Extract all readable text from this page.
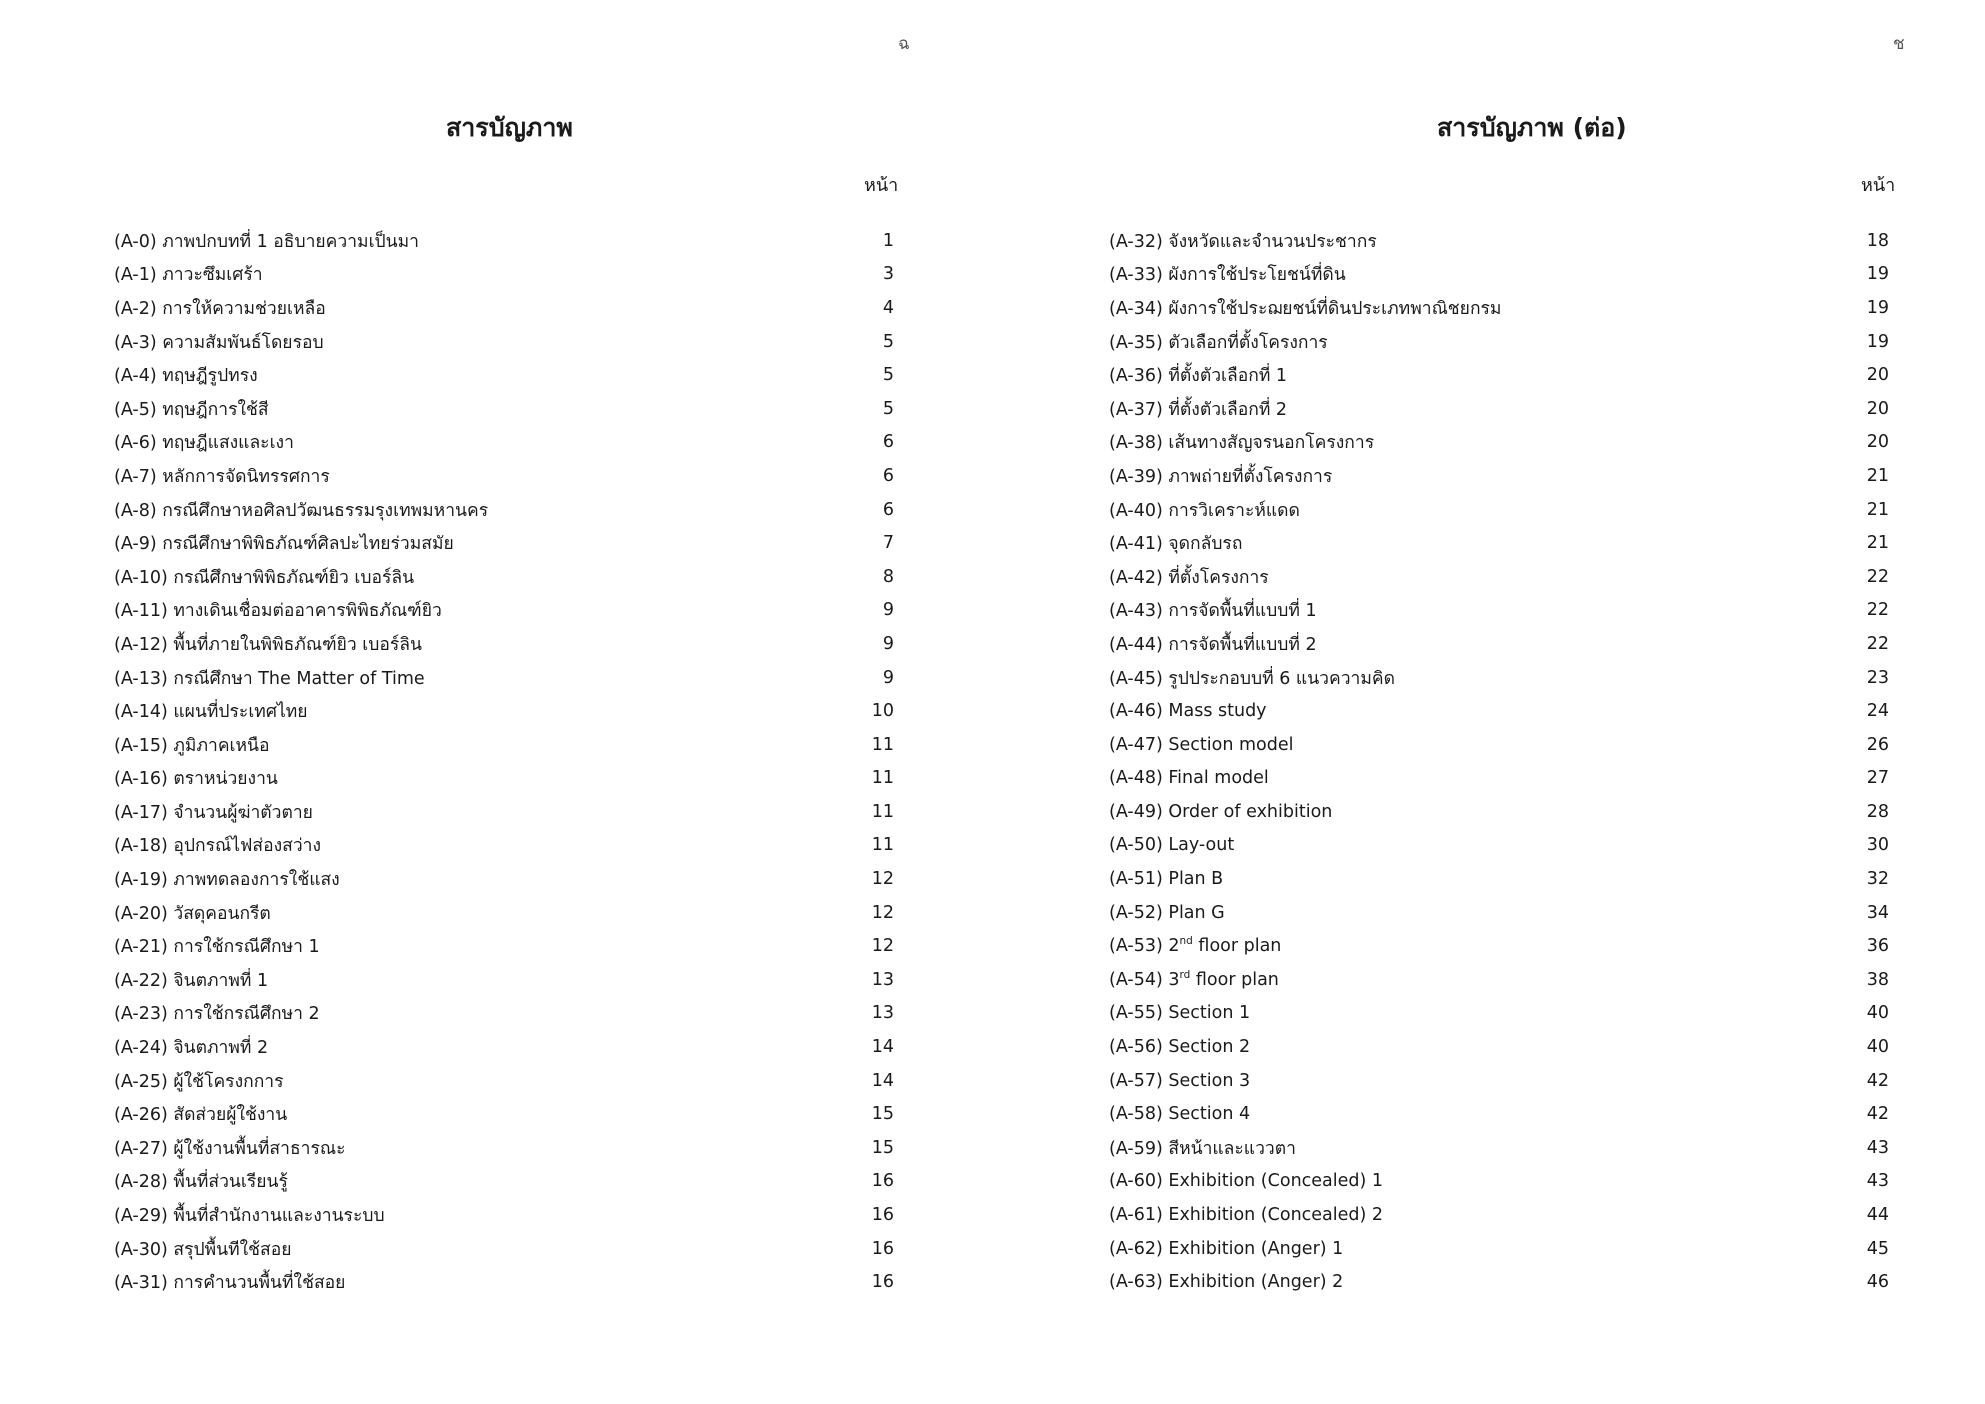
ฉ
สารบัญภาพ
หน้า
(A-0) ภาพปกบทที่ 1 อธิบายความเป็นมา	1
(A-1) ภาวะซึมเศร้า	3
(A-2) การให้ความช่วยเหลือ	4
(A-3) ความสัมพันธ์โดยรอบ	5
(A-4) ทฤษฎีรูปทรง	5
(A-5) ทฤษฎีการใช้สี	5
(A-6) ทฤษฎีแสงและเงา	6
(A-7) หลักการจัดนิทรรศการ	6
(A-8) กรณีศึกษาหอศิลปวัฒนธรรมรุงเทพมหานคร	6
(A-9) กรณีศึกษาพิพิธภัณฑ์ศิลปะไทยร่วมสมัย	7
(A-10) กรณีศึกษาพิพิธภัณฑ์ยิว เบอร์ลิน	8
(A-11) ทางเดินเชื่อมต่ออาคารพิพิธภัณฑ์ยิว	9
(A-12) พื้นที่ภายในพิพิธภัณฑ์ยิว เบอร์ลิน	9
(A-13) กรณีศึกษา The Matter of Time	9
(A-14) แผนที่ประเทศไทย	10
(A-15) ภูมิภาคเหนือ	11
(A-16) ตราหน่วยงาน	11
(A-17) จำนวนผู้ฆ่าตัวตาย	11
(A-18) อุปกรณ์ไฟส่องสว่าง	11
(A-19) ภาพทดลองการใช้แสง	12
(A-20) วัสดุคอนกรีต	12
(A-21) การใช้กรณีศึกษา 1	12
(A-22) จินตภาพที่ 1	13
(A-23) การใช้กรณีศึกษา 2	13
(A-24) จินตภาพที่ 2	14
(A-25) ผู้ใช้โครงกการ	14
(A-26) สัดส่วยผู้ใช้งาน	15
(A-27) ผู้ใช้งานพื้นที่สาธารณะ	15
(A-28) พื้นที่ส่วนเรียนรู้	16
(A-29) พื้นที่สำนักงานและงานระบบ	16
(A-30) สรุปพื้นทีใช้สอย	16
(A-31) การคำนวนพื้นที่ใช้สอย	16
ช
สารบัญภาพ (ต่อ)
หน้า
(A-32) จังหวัดและจำนวนประชากร	18
(A-33) ผังการใช้ประโยชน์ที่ดิน	19
(A-34) ผังการใช้ประฌยชน์ที่ดินประเภทพาณิชยกรม	19
(A-35) ตัวเลือกที่ตั้งโครงการ	19
(A-36) ที่ตั้งตัวเลือกที่ 1	20
(A-37) ที่ตั้งตัวเลือกที่ 2	20
(A-38) เส้นทางสัญจรนอกโครงการ	20
(A-39) ภาพถ่ายที่ตั้งโครงการ	21
(A-40) การวิเคราะห์แดด	21
(A-41) จุดกลับรถ	21
(A-42) ที่ตั้งโครงการ	22
(A-43) การจัดพื้นที่แบบที่ 1	22
(A-44) การจัดพื้นที่แบบที่ 2	22
(A-45) รูปประกอบบที่ 6 แนวความคิด	23
(A-46) Mass study	24
(A-47) Section model	26
(A-48) Final model	27
(A-49) Order of exhibition	28
(A-50) Lay-out	30
(A-51) Plan B	32
(A-52) Plan G	34
(A-53) 2nd floor plan	36
(A-54) 3rd floor plan	38
(A-55) Section 1	40
(A-56) Section 2	40
(A-57) Section 3	42
(A-58) Section 4	42
(A-59) สีหน้าและแววตา	43
(A-60) Exhibition (Concealed) 1	43
(A-61) Exhibition (Concealed) 2	44
(A-62) Exhibition (Anger) 1	45
(A-63) Exhibition (Anger) 2	46
